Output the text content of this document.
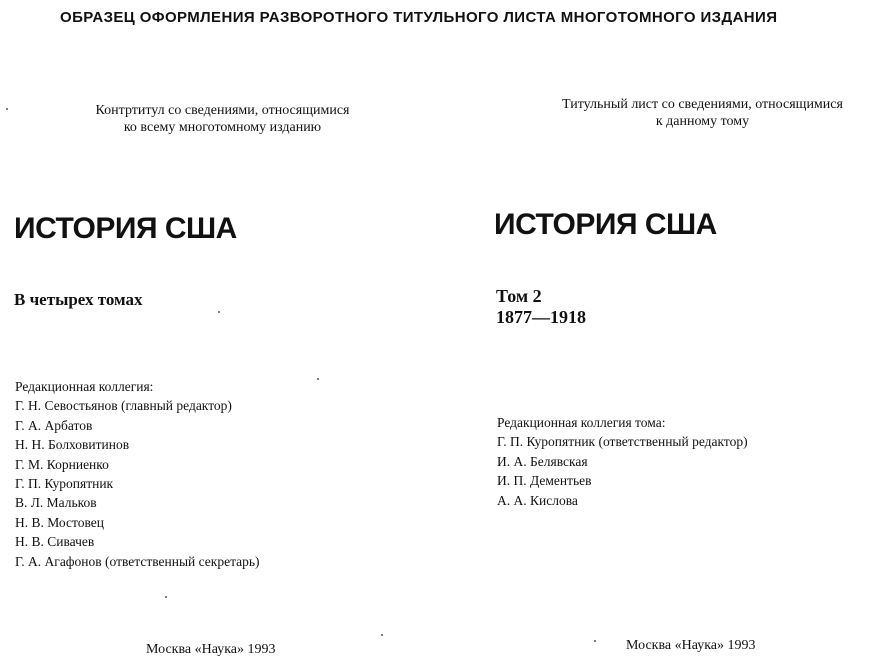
ОБРАЗЕЦ ОФОРМЛЕНИЯ РАЗВОРОТНОГО ТИТУЛЬНОГО ЛИСТА МНОГОТОМНОГО ИЗДАНИЯ
Контртитул со сведениями, относящимися
ко всему многотомному изданию
ИСТОРИЯ США
В четырех томах
Редакционная коллегия:
Г. Н. Севостьянов (главный редактор)
Г. А. Арбатов
Н. Н. Болховитинов
Г. М. Корниенко
Г. П. Куропятник
В. Л. Мальков
Н. В. Мостовец
Н. В. Сивачев
Г. А. Агафонов (ответственный секретарь)
Москва «Наука» 1993
Титульный лист со сведениями, относящимися
к данному тому
ИСТОРИЯ США
Том 2
1877—1918
Редакционная коллегия тома:
Г. П. Куропятник (ответственный редактор)
И. А. Белявская
И. П. Дементьев
А. А. Кислова
Москва «Наука» 1993
